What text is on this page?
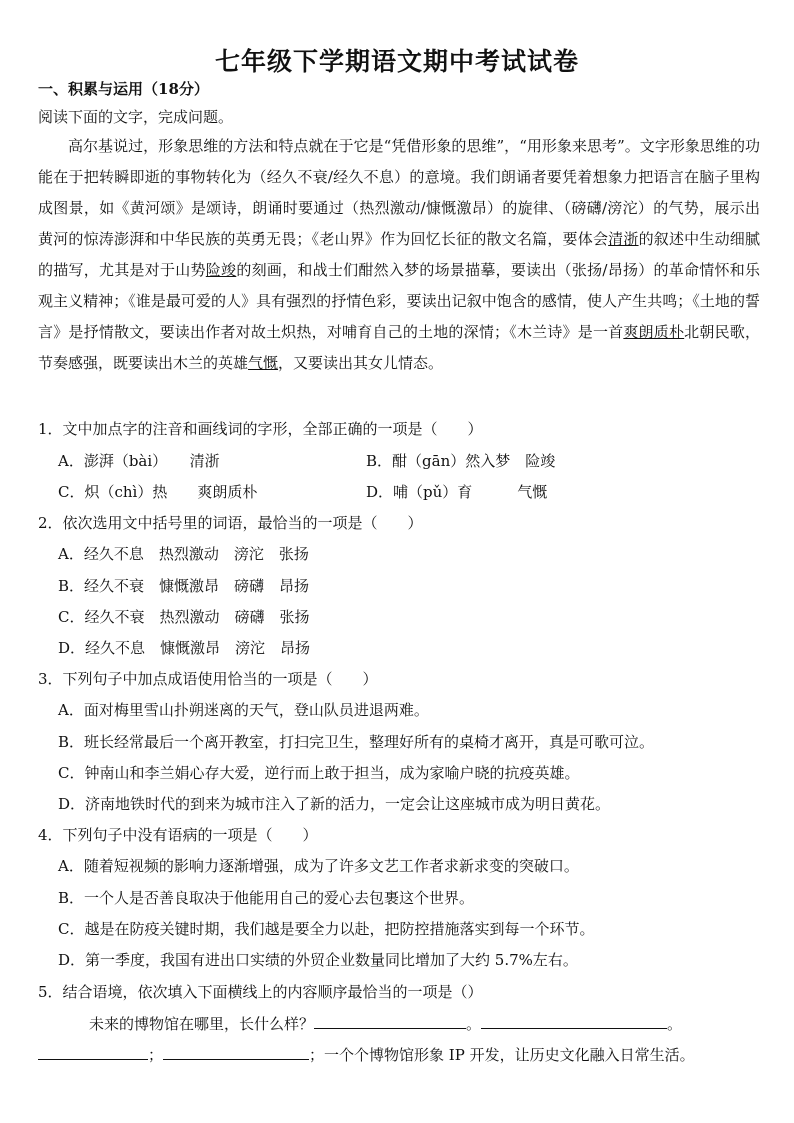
七年级下学期语文期中考试试卷
一、积累与运用（18分）
阅读下面的文字，完成问题。
高尔基说过，形象思维的方法和特点就在于它是“凭借形象的思维”，“用形象来思考”。文字形象思维的功能在于把转瞬即逝的事物转化为（经久不衰/经久不息）的意境。我们朗诵者要凭着想象力把语言在脑子里构成图景，如《黄河颂》是颂诗，朗诵时要通过（热烈激动/慷慨激昂）的旋律、（磅礴/滂沱）的气势，展示出黄河的惊涛澎湃和中华民族的英勇无畏；《老山界》作为回忆长征的散文名篇，要体会清浙的叙述中生动细腻的描写，尤其是对于山势险竣的刻画，和战士们酣然入梦的场景描摹，要读出（张扬/昂扬）的革命情怀和乐观主义精神；《谁是最可爱的人》具有强烈的抒情色彩，要读出记叙中饱含的感情，使人产生共鸣；《土地的誓言》是抒情散文，要读出作者对故土炽热，对哺育自己的土地的深情；《木兰诗》是一首爽朗质朴北朝民歌，节奏感强，既要读出木兰的英雄气慨，又要读出其女儿情态。
1．文中加点字的注音和画线词的字形，全部正确的一项是（　　）
A．澎湃（bài）　　清浙	B．酣（gān）然入梦　险竣
C．炽（chì）热　　爽朗质朴	D．哺（pǔ）育　　　气慨
2．依次选用文中括号里的词语，最恰当的一项是（　　）
A．经久不息　热烈激动　滂沱　张扬
B．经久不衰　慷慨激昂　磅礴　昂扬
C．经久不衰　热烈激动　磅礴　张扬
D．经久不息　慷慨激昂　滂沱　昂扬
3．下列句子中加点成语使用恰当的一项是（　　）
A．面对梅里雪山扑朔迷离的天气，登山队员进退两难。
B．班长经常最后一个离开教室，打扫完卫生，整理好所有的桌椅才离开，真是可歌可泣。
C．钟南山和李兰娟心存大爱，逆行而上敢于担当，成为家喻户晓的抗疫英雄。
D．济南地铁时代的到来为城市注入了新的活力，一定会让这座城市成为明日黄花。
4．下列句子中没有语病的一项是（　　）
A．随着短视频的影响力逐渐增强，成为了许多文艺工作者求新求变的突破口。
B．一个人是否善良取决于他能用自己的爱心去包裹这个世界。
C．越是在防疫关键时期，我们越是要全力以赴，把防控措施落实到每一个环节。
D．第一季度，我国有进出口实绩的外贸企业数量同比增加了大约 5.7%左右。
5．结合语境，依次填入下面横线上的内容顺序最恰当的一项是（）
未来的博物馆在哪里，长什么样？	。	。
；	；一个个博物馆形象 IP 开发，让历史文化融入日常生活。
